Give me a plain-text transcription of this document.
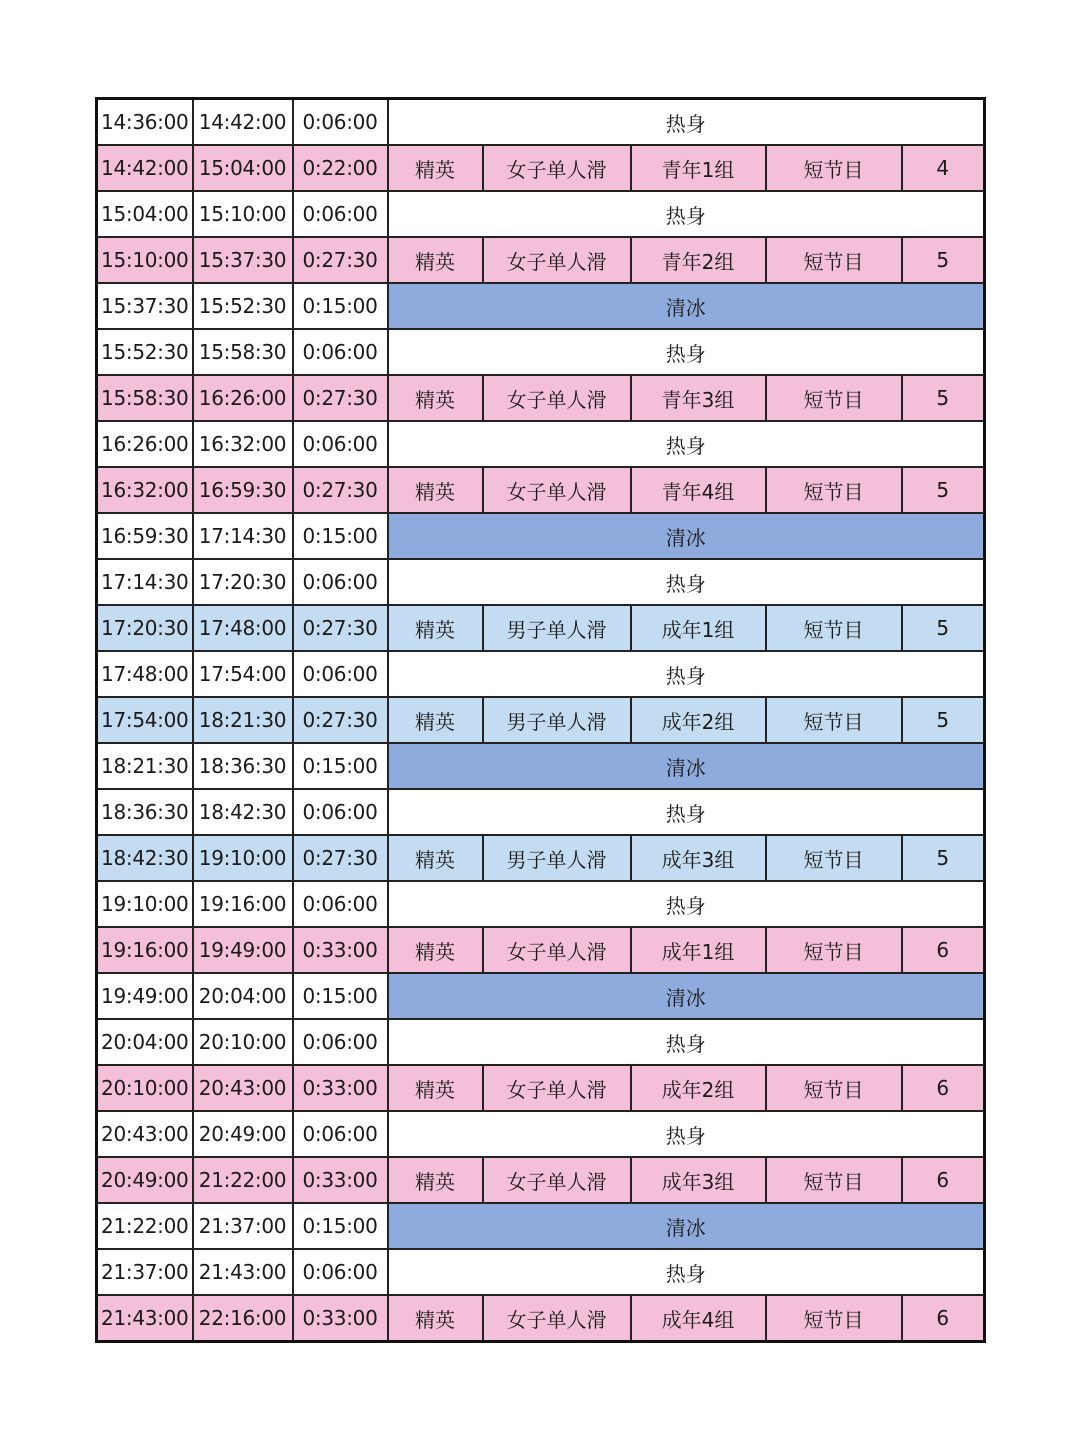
14:36:00	14:42:00	0:06:00	热身				
14:42:00	15:04:00	0:22:00	精英	女子单人滑	青年1组	短节目	4
15:04:00	15:10:00	0:06:00	热身				
15:10:00	15:37:30	0:27:30	精英	女子单人滑	青年2组	短节目	5
15:37:30	15:52:30	0:15:00	清冰				
15:52:30	15:58:30	0:06:00	热身				
15:58:30	16:26:00	0:27:30	精英	女子单人滑	青年3组	短节目	5
16:26:00	16:32:00	0:06:00	热身				
16:32:00	16:59:30	0:27:30	精英	女子单人滑	青年4组	短节目	5
16:59:30	17:14:30	0:15:00	清冰				
17:14:30	17:20:30	0:06:00	热身				
17:20:30	17:48:00	0:27:30	精英	男子单人滑	成年1组	短节目	5
17:48:00	17:54:00	0:06:00	热身				
17:54:00	18:21:30	0:27:30	精英	男子单人滑	成年2组	短节目	5
18:21:30	18:36:30	0:15:00	清冰				
18:36:30	18:42:30	0:06:00	热身				
18:42:30	19:10:00	0:27:30	精英	男子单人滑	成年3组	短节目	5
19:10:00	19:16:00	0:06:00	热身				
19:16:00	19:49:00	0:33:00	精英	女子单人滑	成年1组	短节目	6
19:49:00	20:04:00	0:15:00	清冰				
20:04:00	20:10:00	0:06:00	热身				
20:10:00	20:43:00	0:33:00	精英	女子单人滑	成年2组	短节目	6
20:43:00	20:49:00	0:06:00	热身				
20:49:00	21:22:00	0:33:00	精英	女子单人滑	成年3组	短节目	6
21:22:00	21:37:00	0:15:00	清冰				
21:37:00	21:43:00	0:06:00	热身				
21:43:00	22:16:00	0:33:00	精英	女子单人滑	成年4组	短节目	6
